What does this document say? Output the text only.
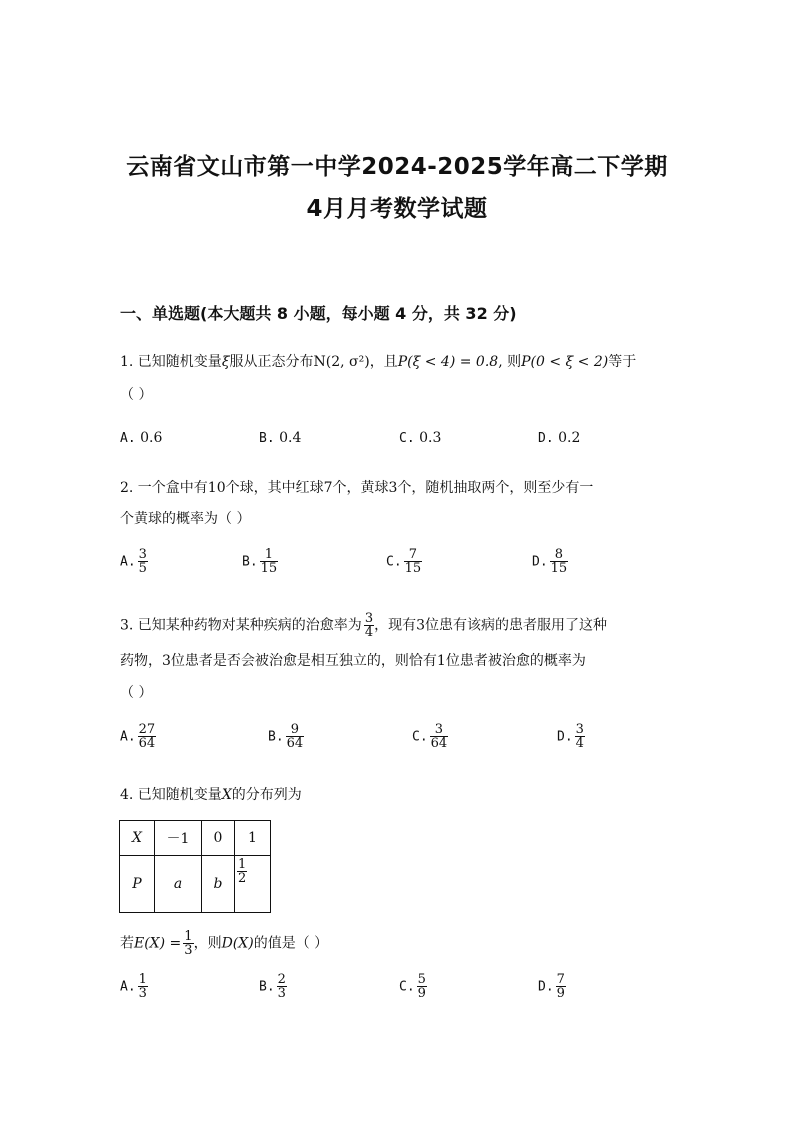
云南省文山市第一中学2024-2025学年高二下学期
4月月考数学试题
一、单选题(本大题共 8 小题，每小题 4 分，共 32 分)
1. 已知随机变量ξ服从正态分布N(2, σ²)，且P(ξ < 4) = 0.8, 则P(0 < ξ < 2)等于
（ ）
A. 0.6	B. 0.4	C. 0.3	D. 0.2
2. 一个盒中有10个球，其中红球7个，黄球3个，随机抽取两个，则至少有一
个黄球的概率为（ ）
A. $\frac{3}{5}$	B. $\frac{1}{15}$	C. $\frac{7}{15}$	D. $\frac{8}{15}$
3. 已知某种药物对某种疾病的治愈率为 $\frac{3}{4}$ ，现有3位患有该病的患者服用了这种
药物，3位患者是否会被治愈是相互独立的，则恰有1位患者被治愈的概率为
（ ）
A. $\frac{27}{64}$	B. $\frac{9}{64}$	C. $\frac{3}{64}$	D. $\frac{3}{4}$
4. 已知随机变量X的分布列为
X	－1	0	1
P	a	b	$\frac{1}{2}$
若$E(X) = \frac{1}{3}$ ，则D(X)的值是（ ）
A. $\frac{1}{3}$	B. $\frac{2}{3}$	C. $\frac{5}{9}$	D. $\frac{7}{9}$
